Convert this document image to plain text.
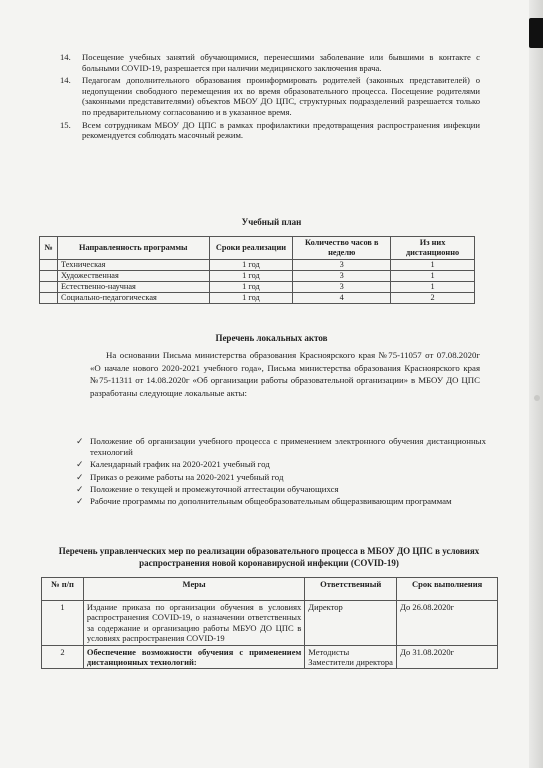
14.	Посещение учебных занятий обучающимися, перенесшими заболевание или бывшими в контакте с больными COVID-19, разрешается при наличии медицинского заключения врача.
14.	Педагогам дополнительного образования проинформировать родителей (законных представителей) о недопущении свободного перемещения их во время образовательного процесса. Посещение родителями (законными представителями) объектов МБОУ ДО ЦПС, структурных подразделений разрешается только по предварительному согласованию и в указанное время.
15.	Всем сотрудникам МБОУ ДО ЦПС в рамках профилактики предотвращения распространения инфекции рекомендуется соблюдать масочный режим.
Учебный план
№	Направленность программы	Сроки реализации	Количество часов в неделю	Из них дистанционно
	Техническая	1 год	3	1
	Художественная	1 год	3	1
	Естественно-научная	1 год	3	1
	Социально-педагогическая	1 год	4	2
Перечень локальных актов
На основании Письма министерства образования Красноярского края №75-11057 от 07.08.2020г «О начале нового 2020-2021 учебного года», Письма министерства образования Красноярского края №75-11311 от 14.08.2020г «Об организации работы образовательной организации» в МБОУ ДО ЦПС разработаны следующие локальные акты:
✓ Положение об организации учебного процесса с применением электронного обучения дистанционных технологий
✓ Календарный график на 2020-2021 учебный год
✓ Приказ о режиме работы на 2020-2021 учебный год
✓ Положение о текущей и промежуточной аттестации обучающихся
✓ Рабочие программы по дополнительным общеобразовательным общеразвивающим программам
Перечень управленческих мер по реализации образовательного процесса в МБОУ ДО ЦПС в условиях распространения новой коронавирусной инфекции (COVID-19)
№ п/п	Меры	Ответственный	Срок выполнения
1	Издание приказа по организации обучения в условиях распространения COVID-19, о назначении ответственных за содержание и организацию работы МБУО ДО ЦПС в условиях распространения COVID-19	Директор	До 26.08.2020г
2	Обеспечение возможности обучения с применением дистанционных технологий:	Методисты Заместители директора	До 31.08.2020г
